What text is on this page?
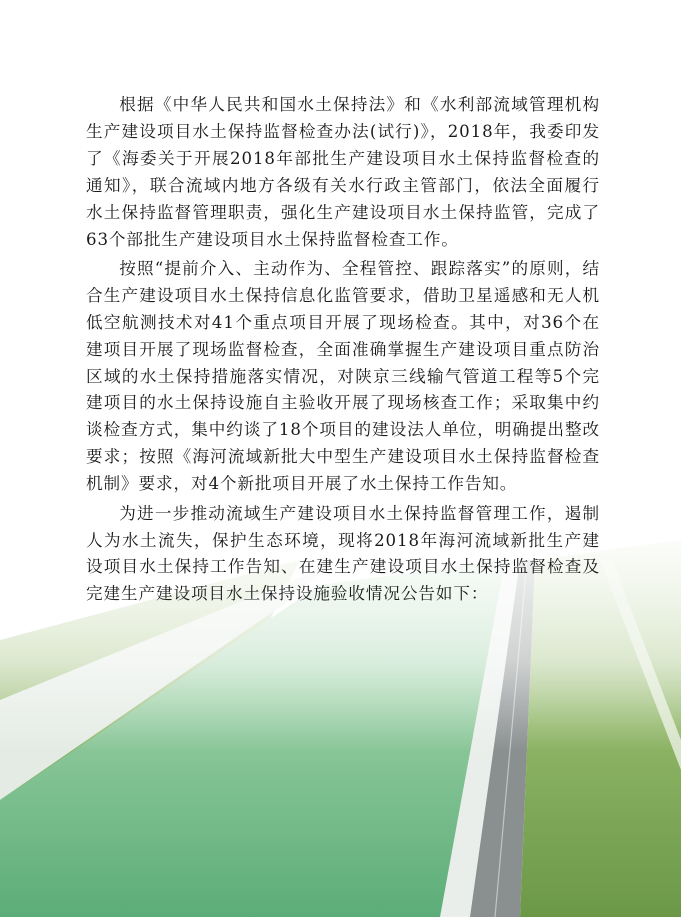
根据《中华人民共和国水土保持法》和《水利部流域管理机构生产建设项目水土保持监督检查办法(试行)》，2018年，我委印发了《海委关于开展2018年部批生产建设项目水土保持监督检查的通知》，联合流域内地方各级有关水行政主管部门，依法全面履行水土保持监督管理职责，强化生产建设项目水土保持监管，完成了63个部批生产建设项目水土保持监督检查工作。

按照“提前介入、主动作为、全程管控、跟踪落实”的原则，结合生产建设项目水土保持信息化监管要求，借助卫星遥感和无人机低空航测技术对41个重点项目开展了现场检查。其中，对36个在建项目开展了现场监督检查，全面准确掌握生产建设项目重点防治区域的水土保持措施落实情况，对陕京三线输气管道工程等5个完建项目的水土保持设施自主验收开展了现场核查工作；采取集中约谈检查方式，集中约谈了18个项目的建设法人单位，明确提出整改要求；按照《海河流域新批大中型生产建设项目水土保持监督检查机制》要求，对4个新批项目开展了水土保持工作告知。

为进一步推动流域生产建设项目水土保持监督管理工作，遏制人为水土流失，保护生态环境，现将2018年海河流域新批生产建设项目水土保持工作告知、在建生产建设项目水土保持监督检查及完建生产建设项目水土保持设施验收情况公告如下：
